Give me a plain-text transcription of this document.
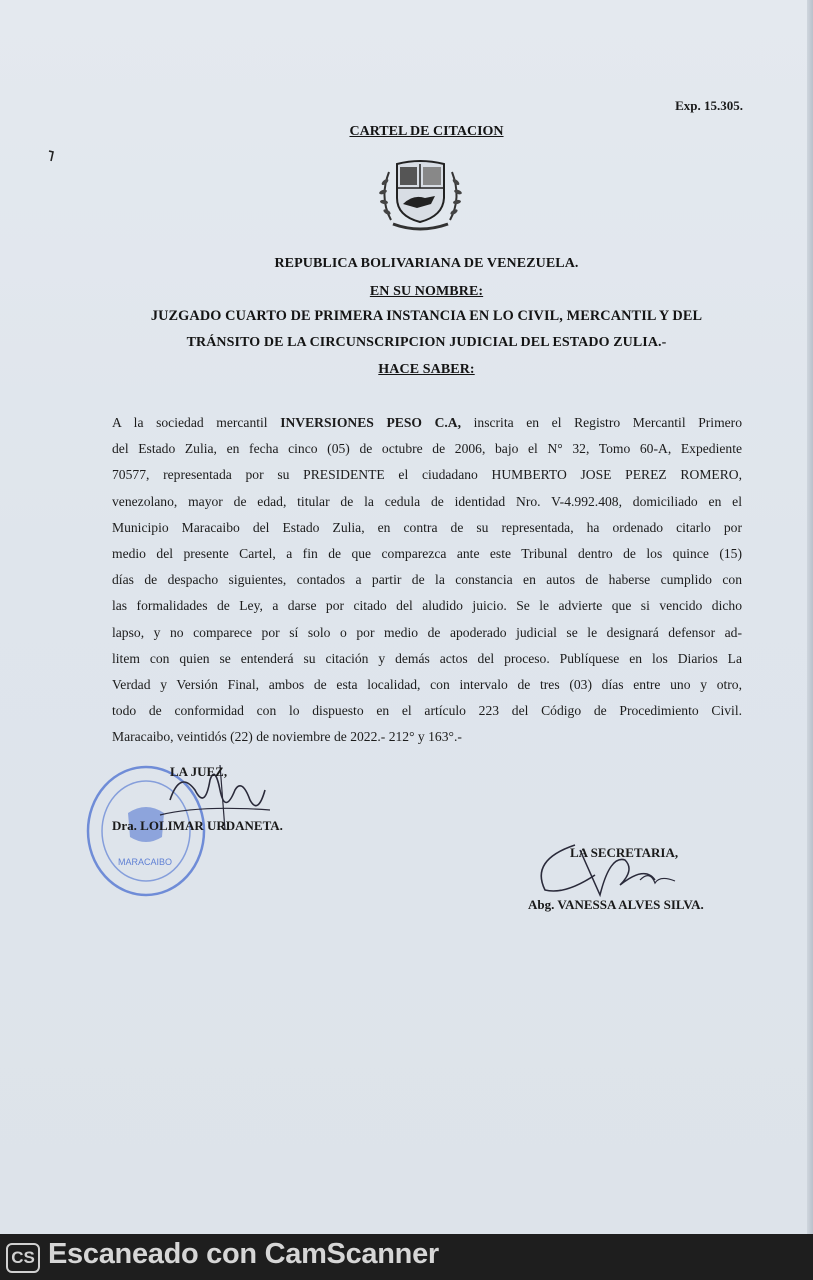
Exp. 15.305.
CARTEL DE CITACION
REPUBLICA BOLIVARIANA DE VENEZUELA.
EN SU NOMBRE:
JUZGADO CUARTO DE PRIMERA INSTANCIA EN LO CIVIL, MERCANTIL Y DEL
TRÁNSITO DE LA CIRCUNSCRIPCION JUDICIAL DEL ESTADO ZULIA.-
HACE SABER:
A la sociedad mercantil INVERSIONES PESO C.A, inscrita en el Registro Mercantil Primero
del Estado Zulia, en fecha cinco (05) de octubre de 2006, bajo el N° 32, Tomo 60-A, Expediente
70577, representada por su PRESIDENTE el ciudadano HUMBERTO JOSE PEREZ ROMERO,
venezolano, mayor de edad, titular de la cedula de identidad Nro. V-4.992.408, domiciliado en el
Municipio Maracaibo del Estado Zulia, en contra de su representada, ha ordenado citarlo por
medio del presente Cartel, a fin de que comparezca ante este Tribunal dentro de los quince (15)
días de despacho siguientes, contados a partir de la constancia en autos de haberse cumplido con
las formalidades de Ley, a darse por citado del aludido juicio. Se le advierte que si vencido dicho
lapso, y no comparece por sí solo o por medio de apoderado judicial se le designará defensor ad-
litem con quien se entenderá su citación y demás actos del proceso. Publíquese en los Diarios La
Verdad y Versión Final, ambos de esta localidad, con intervalo de tres (03) días entre uno y otro,
todo de conformidad con lo dispuesto en el artículo 223 del Código de Procedimiento Civil.
Maracaibo, veintidós (22) de noviembre de 2022.- 212° y 163°.-
MARACAIBO
LA JUEZ,
Dra. LOLIMAR URDANETA.
LA SECRETARIA,
Abg. VANESSA ALVES SILVA.
CS Escaneado con CamScanner
